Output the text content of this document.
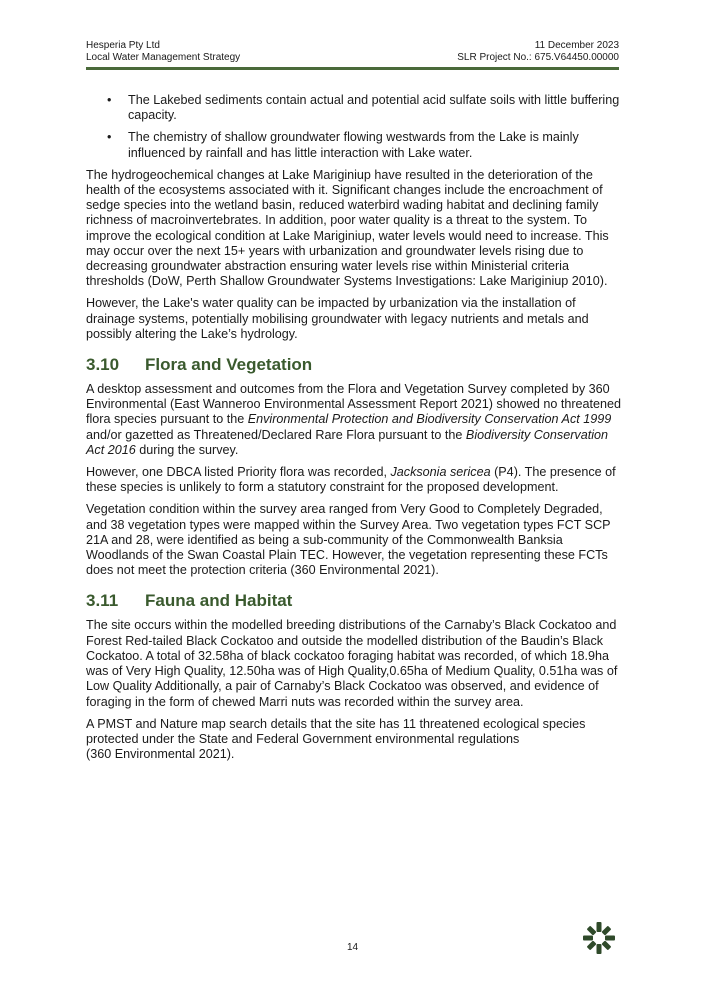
Hesperia Pty Ltd
Local Water Management Strategy
11 December 2023
SLR Project No.: 675.V64450.00000
• The Lakebed sediments contain actual and potential acid sulfate soils with little buffering capacity.
• The chemistry of shallow groundwater flowing westwards from the Lake is mainly influenced by rainfall and has little interaction with Lake water.

The hydrogeochemical changes at Lake Mariginiup have resulted in the deterioration of the health of the ecosystems associated with it. Significant changes include the encroachment of sedge species into the wetland basin, reduced waterbird wading habitat and declining family richness of macroinvertebrates. In addition, poor water quality is a threat to the system. To improve the ecological condition at Lake Mariginiup, water levels would need to increase. This may occur over the next 15+ years with urbanization and groundwater levels rising due to decreasing groundwater abstraction ensuring water levels rise within Ministerial criteria thresholds (DoW, Perth Shallow Groundwater Systems Investigations: Lake Mariginiup 2010).

However, the Lake's water quality can be impacted by urbanization via the installation of drainage systems, potentially mobilising groundwater with legacy nutrients and metals and possibly altering the Lake’s hydrology.

3.10 Flora and Vegetation

A desktop assessment and outcomes from the Flora and Vegetation Survey completed by 360 Environmental (East Wanneroo Environmental Assessment Report 2021) showed no threatened flora species pursuant to the Environmental Protection and Biodiversity Conservation Act 1999 and/or gazetted as Threatened/Declared Rare Flora pursuant to the Biodiversity Conservation Act 2016 during the survey.

However, one DBCA listed Priority flora was recorded, Jacksonia sericea (P4). The presence of these species is unlikely to form a statutory constraint for the proposed development.

Vegetation condition within the survey area ranged from Very Good to Completely Degraded, and 38 vegetation types were mapped within the Survey Area. Two vegetation types FCT SCP 21A and 28, were identified as being a sub-community of the Commonwealth Banksia Woodlands of the Swan Coastal Plain TEC. However, the vegetation representing these FCTs does not meet the protection criteria (360 Environmental 2021).

3.11 Fauna and Habitat

The site occurs within the modelled breeding distributions of the Carnaby’s Black Cockatoo and Forest Red-tailed Black Cockatoo and outside the modelled distribution of the Baudin’s Black Cockatoo. A total of 32.58ha of black cockatoo foraging habitat was recorded, of which 18.9ha was of Very High Quality, 12.50ha was of High Quality,0.65ha of Medium Quality, 0.51ha was of Low Quality Additionally, a pair of Carnaby’s Black Cockatoo was observed, and evidence of foraging in the form of chewed Marri nuts was recorded within the survey area.

A PMST and Nature map search details that the site has 11 threatened ecological species protected under the State and Federal Government environmental regulations
(360 Environmental 2021).

14
